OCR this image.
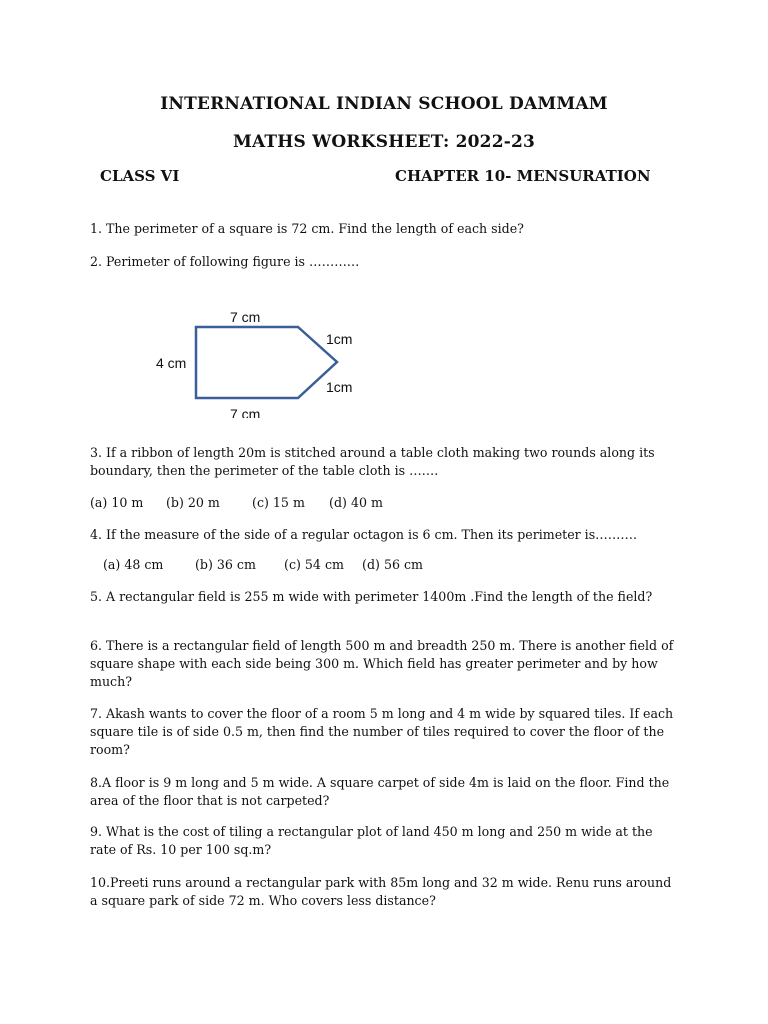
INTERNATIONAL INDIAN SCHOOL DAMMAM
MATHS WORKSHEET: 2022-23
CLASS VI	CHAPTER 10- MENSURATION
1. The perimeter of a square is 72 cm. Find the length of each side?
2. Perimeter of following figure is …………
7 cm
7 cm
4 cm
1cm
1cm
3. If a ribbon of length 20m is stitched around a table cloth making two rounds along its boundary, then the perimeter of the table cloth is …….
(a) 10 m (b) 20 m	(c) 15 m (d) 40 m
4. If the measure of the side of a regular octagon is 6 cm. Then its perimeter is……….
(a) 48 cm	(b) 36 cm (c) 54 cm (d) 56 cm
5. A rectangular field is 255 m wide with perimeter 1400m .Find the length of the field?
6. There is a rectangular field of length 500 m and breadth 250 m. There is another field of square shape with each side being 300 m. Which field has greater perimeter and by how much?
7. Akash wants to cover the floor of a room 5 m long and 4 m wide by squared tiles. If each square tile is of side 0.5 m, then find the number of tiles required to cover the floor of the room?
8.A floor is 9 m long and 5 m wide. A square carpet of side 4m is laid on the floor. Find the area of the floor that is not carpeted?
9. What is the cost of tiling a rectangular plot of land 450 m long and 250 m wide at the rate of Rs. 10 per 100 sq.m?
10.Preeti runs around a rectangular park with 85m long and 32 m wide. Renu runs around a square park of side 72 m. Who covers less distance?
